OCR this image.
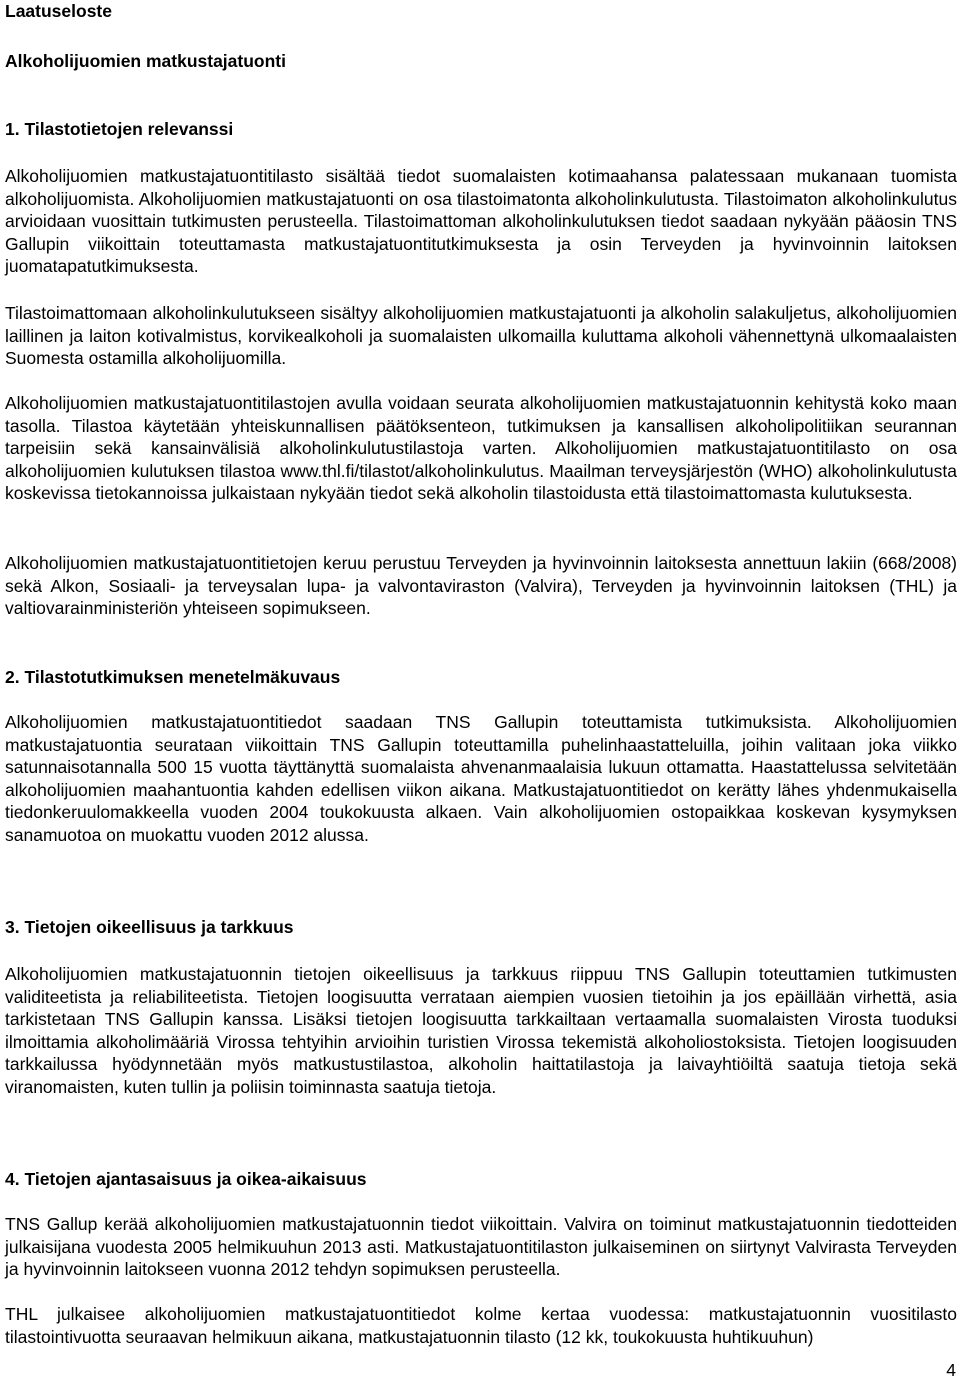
Laatuseloste

Alkoholijuomien matkustajatuonti

1. Tilastotietojen relevanssi

Alkoholijuomien matkustajatuontitilasto sisältää tiedot suomalaisten kotimaahansa palatessaan mukanaan tuomista alkoholijuomista. Alkoholijuomien matkustajatuonti on osa tilastoimatonta alkoholinkulutusta. Tilastoimaton alkoholinkulutus arvioidaan vuosittain tutkimusten perusteella. Tilastoimattoman alkoholinkulutuksen tiedot saadaan nykyään pääosin TNS Gallupin viikoittain toteuttamasta matkustajatuontitutkimuksesta ja osin Terveyden ja hyvinvoinnin laitoksen juomatapatutkimuksesta.

Tilastoimattomaan alkoholinkulutukseen sisältyy alkoholijuomien matkustajatuonti ja alkoholin salakuljetus, alkoholijuomien laillinen ja laiton kotivalmistus, korvikealkoholi ja suomalaisten ulkomailla kuluttama alkoholi vähennettynä ulkomaalaisten Suomesta ostamilla alkoholijuomilla.

Alkoholijuomien matkustajatuontitilastojen avulla voidaan seurata alkoholijuomien matkustajatuonnin kehitystä koko maan tasolla. Tilastoa käytetään yhteiskunnallisen päätöksenteon, tutkimuksen ja kansallisen alkoholipolitiikan seurannan tarpeisiin sekä kansainvälisiä alkoholinkulutustilastoja varten. Alkoholijuomien matkustajatuontitilasto on osa alkoholijuomien kulutuksen tilastoa www.thl.fi/tilastot/alkoholinkulutus. Maailman terveysjärjestön (WHO) alkoholinkulutusta koskevissa tietokannoissa julkaistaan nykyään tiedot sekä alkoholin tilastoidusta että tilastoimattomasta kulutuksesta.

Alkoholijuomien matkustajatuontitietojen keruu perustuu Terveyden ja hyvinvoinnin laitoksesta annettuun lakiin (668/2008) sekä Alkon, Sosiaali- ja terveysalan lupa- ja valvontaviraston (Valvira), Terveyden ja hyvinvoinnin laitoksen (THL) ja valtiovarainministeriön yhteiseen sopimukseen.

2. Tilastotutkimuksen menetelmäkuvaus

Alkoholijuomien matkustajatuontitiedot saadaan TNS Gallupin toteuttamista tutkimuksista. Alkoholijuomien matkustajatuontia seurataan viikoittain TNS Gallupin toteuttamilla puhelinhaastatteluilla, joihin valitaan joka viikko satunnaisotannalla 500 15 vuotta täyttänyttä suomalaista ahvenanmaalaisia lukuun ottamatta. Haastattelussa selvitetään alkoholijuomien maahantuontia kahden edellisen viikon aikana. Matkustajatuontitiedot on kerätty lähes yhdenmukaisella tiedonkeruulomakkeella vuoden 2004 toukokuusta alkaen. Vain alkoholijuomien ostopaikkaa koskevan kysymyksen sanamuotoa on muokattu vuoden 2012 alussa.

3. Tietojen oikeellisuus ja tarkkuus

Alkoholijuomien matkustajatuonnin tietojen oikeellisuus ja tarkkuus riippuu TNS Gallupin toteuttamien tutkimusten validiteetista ja reliabiliteetista. Tietojen loogisuutta verrataan aiempien vuosien tietoihin ja jos epäillään virhettä, asia tarkistetaan TNS Gallupin kanssa. Lisäksi tietojen loogisuutta tarkkailtaan vertaamalla suomalaisten Virosta tuoduksi ilmoittamia alkoholimääriä Virossa tehtyihin arvioihin turistien Virossa tekemistä alkoholiostoksista. Tietojen loogisuuden tarkkailussa hyödynnetään myös matkustustilastoa, alkoholin haittatilastoja ja laivayhtiöiltä saatuja tietoja sekä viranomaisten, kuten tullin ja poliisin toiminnasta saatuja tietoja.

4. Tietojen ajantasaisuus ja oikea-aikaisuus

TNS Gallup kerää alkoholijuomien matkustajatuonnin tiedot viikoittain. Valvira on toiminut matkustajatuonnin tiedotteiden julkaisijana vuodesta 2005 helmikuuhun 2013 asti. Matkustajatuontitilaston julkaiseminen on siirtynyt Valvirasta Terveyden ja hyvinvoinnin laitokseen vuonna 2012 tehdyn sopimuksen perusteella.

THL julkaisee alkoholijuomien matkustajatuontitiedot kolme kertaa vuodessa: matkustajatuonnin vuositilasto tilastointivuotta seuraavan helmikuun aikana, matkustajatuonnin tilasto (12 kk, toukokuusta huhtikuuhun)

4
